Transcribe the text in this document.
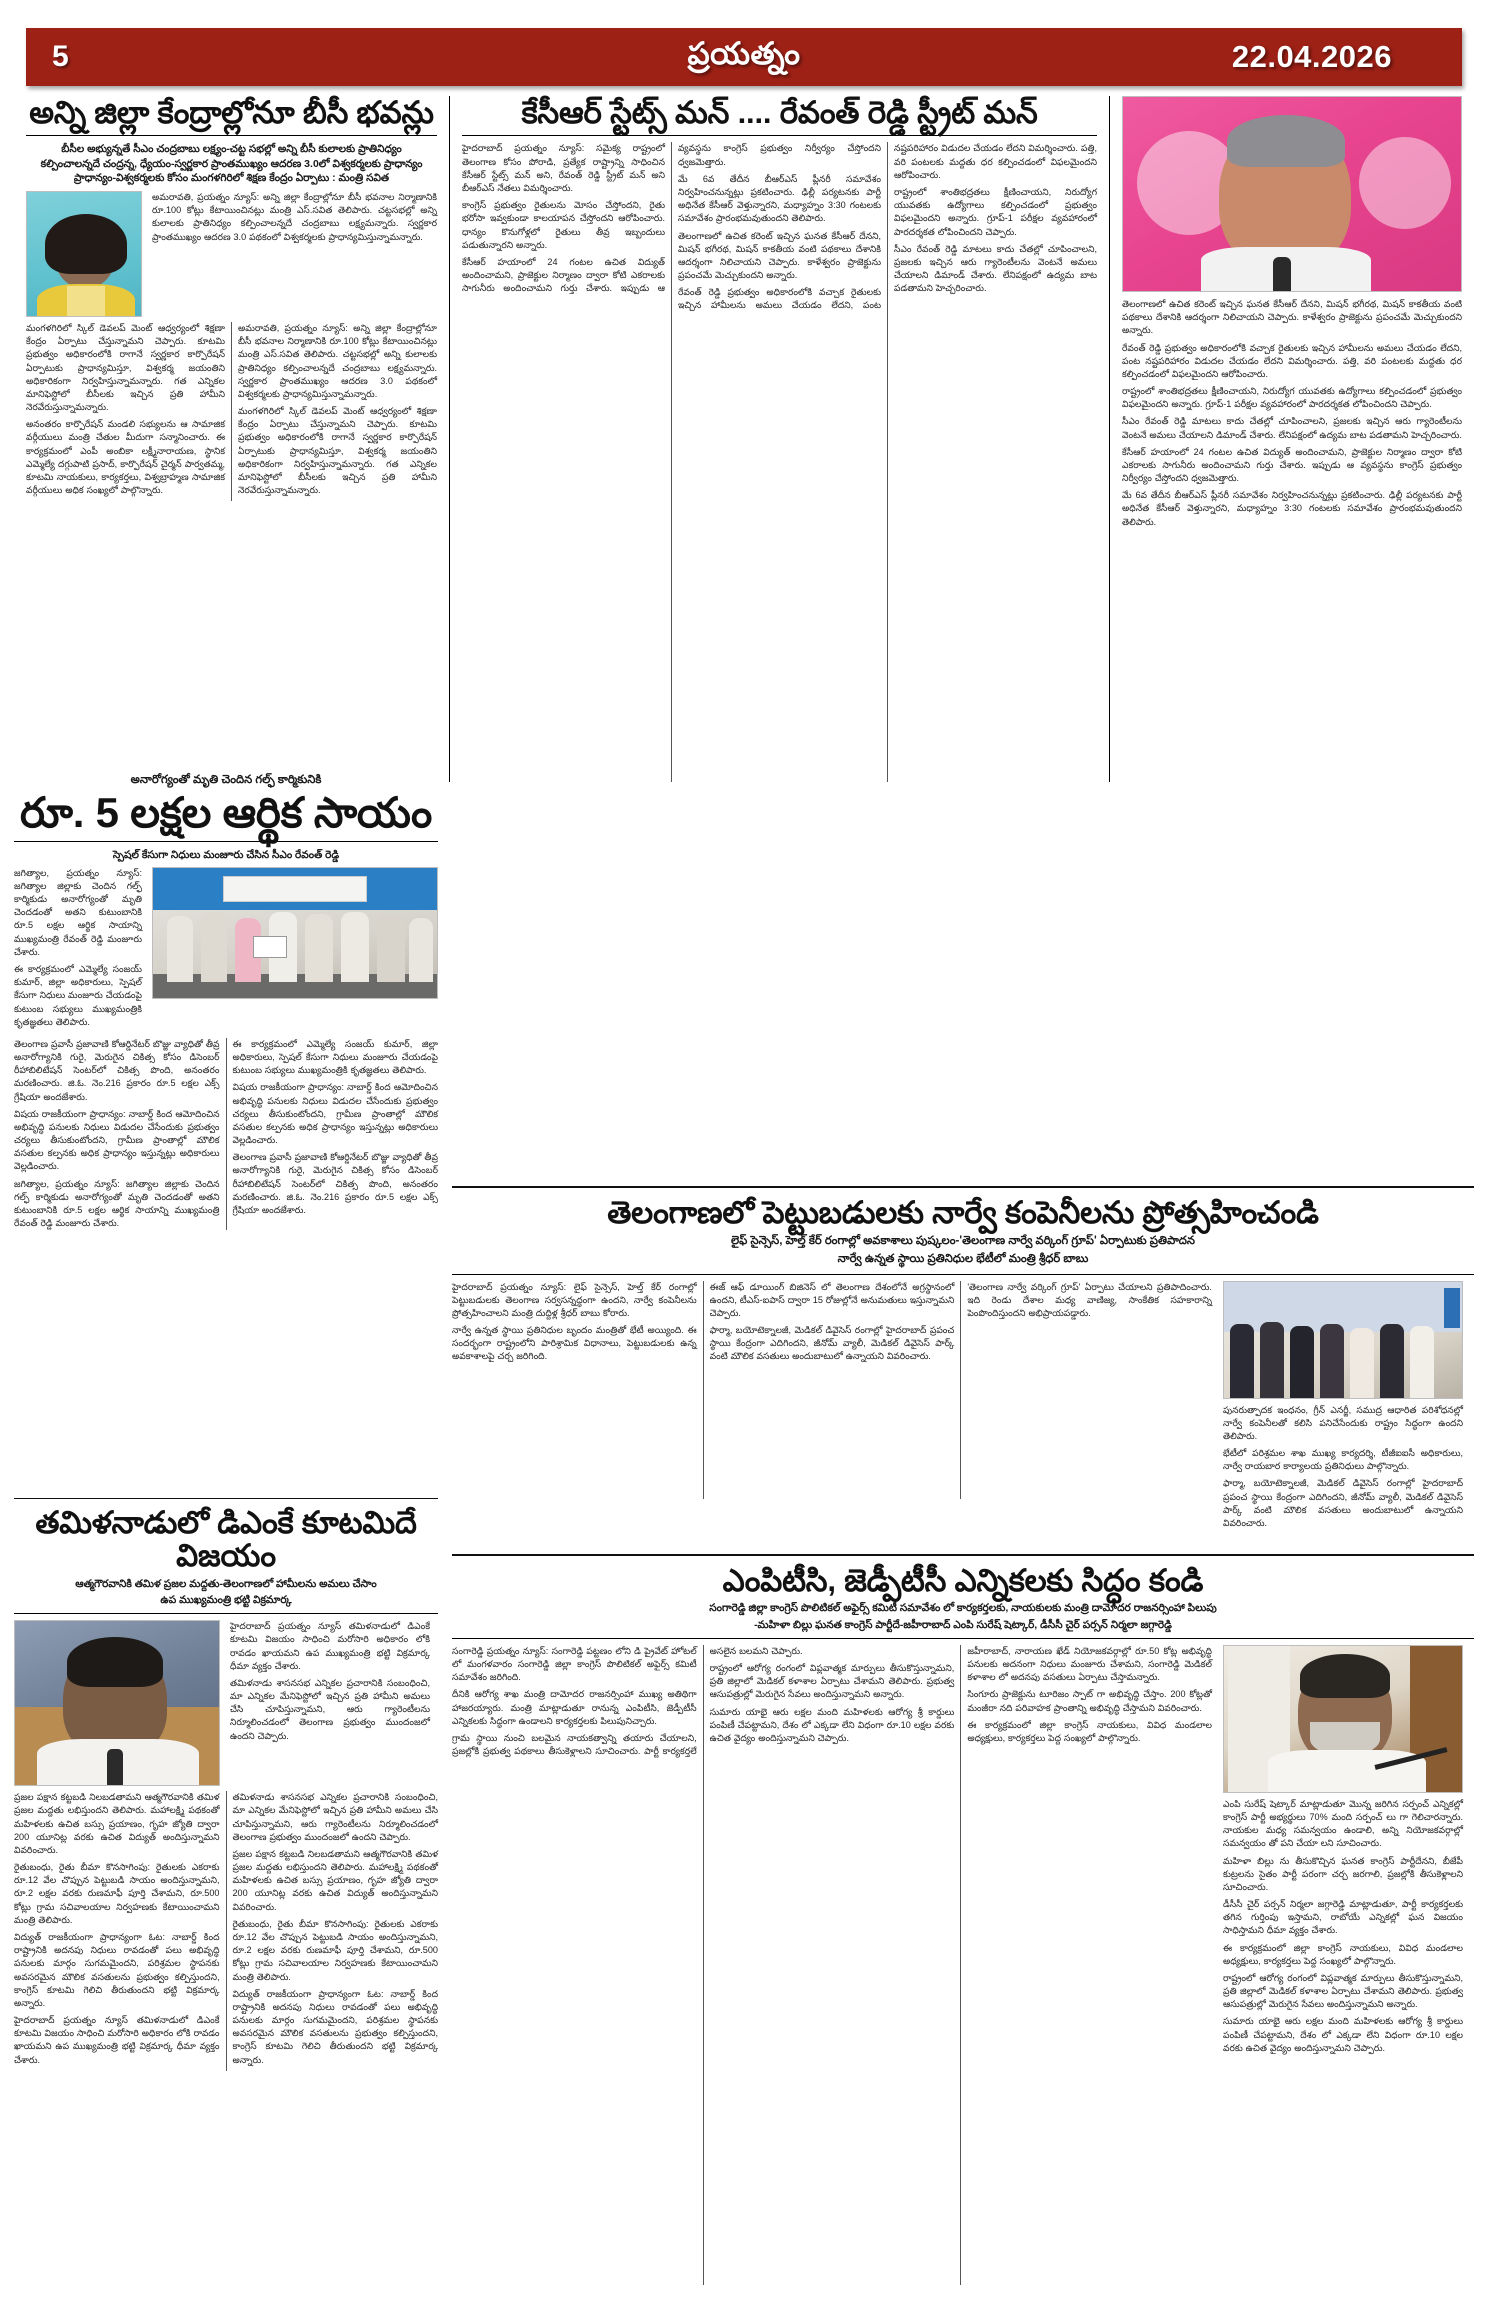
5	ప్రయత్నం	22.04.2026
అన్ని జిల్లా కేంద్రాల్లోనూ బీసీ భవన్లు
బీసీల అభ్యున్నతే సీఎం చంద్రబాబు లక్ష్యం-చట్ట సభల్లో అన్ని బీసీ కులాలకు ప్రాతినిధ్యం
కల్పించాలన్నదే చంద్రన్న, ధ్యేయం-స్వర్ణకార ప్రాంతముఖ్యం ఆదరణ 3.0లో విశ్వకర్మలకు ప్రాధాన్యం
ప్రాధాన్యం-విశ్వకర్మలకు కోసం మంగళగిరిలో శిక్షణ కేంద్రం ఏర్పాటు : మంత్రి సవిత

అమరావతి, ప్రయత్నం న్యూస్: అన్ని జిల్లా కేంద్రాల్లోనూ బీసీ భవనాల నిర్మాణానికి రూ.100 కోట్లు కేటాయించినట్లు మంత్రి ఎస్.సవిత తెలిపారు. చట్టసభల్లో అన్ని కులాలకు ప్రాతినిధ్యం కల్పించాలన్నదే చంద్రబాబు లక్ష్యమన్నారు. స్వర్ణకార ప్రాంతముఖ్యం ఆదరణ 3.0 పథకంలో విశ్వకర్మలకు ప్రాధాన్యమిస్తున్నామన్నారు.

మంగళగిరిలో స్కిల్ డెవలప్ మెంట్ ఆధ్వర్యంలో శిక్షణా కేంద్రం ఏర్పాటు చేస్తున్నామని చెప్పారు. కూటమి ప్రభుత్వం అధికారంలోకి రాగానే స్వర్ణకార కార్పొరేషన్ ఏర్పాటుకు ప్రాధాన్యమిస్తూ, విశ్వకర్మ జయంతిని అధికారికంగా నిర్వహిస్తున్నామన్నారు. గత ఎన్నికల మానిఫెస్టోలో బీసీలకు ఇచ్చిన ప్రతి హామీని నెరవేరుస్తున్నామన్నారు.

అనంతరం కార్పొరేషన్ మండలి సభ్యులను ఆ సామాజిక వర్గీయులు మంత్రి చేతుల మీదుగా సన్మానించారు. ఈ కార్యక్రమంలో ఎంపీ అంబికా లక్ష్మీనారాయణ, స్థానిక ఎమ్మెల్యే దగ్గుపాటి ప్రసాద్, కార్పొరేషన్ చైర్మన్ పార్వతమ్మ, కూటమి నాయకులు, కార్యకర్తలు, విశ్వబ్రాహ్మణ సామాజిక వర్గీయులు అధిక సంఖ్యలో పాల్గొన్నారు.

అమరావతి, ప్రయత్నం న్యూస్: అన్ని జిల్లా కేంద్రాల్లోనూ బీసీ భవనాల నిర్మాణానికి రూ.100 కోట్లు కేటాయించినట్లు మంత్రి ఎస్.సవిత తెలిపారు. చట్టసభల్లో అన్ని కులాలకు ప్రాతినిధ్యం కల్పించాలన్నదే చంద్రబాబు లక్ష్యమన్నారు. స్వర్ణకార ప్రాంతముఖ్యం ఆదరణ 3.0 పథకంలో విశ్వకర్మలకు ప్రాధాన్యమిస్తున్నామన్నారు.

మంగళగిరిలో స్కిల్ డెవలప్ మెంట్ ఆధ్వర్యంలో శిక్షణా కేంద్రం ఏర్పాటు చేస్తున్నామని చెప్పారు. కూటమి ప్రభుత్వం అధికారంలోకి రాగానే స్వర్ణకార కార్పొరేషన్ ఏర్పాటుకు ప్రాధాన్యమిస్తూ, విశ్వకర్మ జయంతిని అధికారికంగా నిర్వహిస్తున్నామన్నారు. గత ఎన్నికల మానిఫెస్టోలో బీసీలకు ఇచ్చిన ప్రతి హామీని నెరవేరుస్తున్నామన్నారు.

కేసీఆర్ స్టేట్స్ మన్ .... రేవంత్ రెడ్డి స్ట్రీట్ మన్

హైదరాబాద్ ప్రయత్నం న్యూస్: సమైక్య రాష్ట్రంలో తెలంగాణ కోసం పోరాడి, ప్రత్యేక రాష్ట్రాన్ని సాధించిన కేసీఆర్ స్టేట్స్ మన్ అని, రేవంత్ రెడ్డి స్ట్రీట్ మన్ అని బీఆర్ఎస్ నేతలు విమర్శించారు.

కాంగ్రెస్ ప్రభుత్వం రైతులను మోసం చేస్తోందని, రైతు భరోసా ఇవ్వకుండా కాలయాపన చేస్తోందని ఆరోపించారు. ధాన్యం కొనుగోళ్లలో రైతులు తీవ్ర ఇబ్బందులు పడుతున్నారని అన్నారు.

కేసీఆర్ హయాంలో 24 గంటల ఉచిత విద్యుత్ అందించామని, ప్రాజెక్టుల నిర్మాణం ద్వారా కోటి ఎకరాలకు సాగునీరు అందించామని గుర్తు చేశారు. ఇప్పుడు ఆ వ్యవస్థను కాంగ్రెస్ ప్రభుత్వం నిర్వీర్యం చేస్తోందని ధ్వజమెత్తారు.

మే 6వ తేదీన బీఆర్ఎస్ ప్లీనరీ సమావేశం నిర్వహించనున్నట్లు ప్రకటించారు. ఢిల్లీ పర్యటనకు పార్టీ అధినేత కేసీఆర్ వెళ్తున్నారని, మధ్యాహ్నం 3:30 గంటలకు సమావేశం ప్రారంభమవుతుందని తెలిపారు.

తెలంగాణలో ఉచిత కరెంట్ ఇచ్చిన ఘనత కేసీఆర్ దేనని, మిషన్ భగీరథ, మిషన్ కాకతీయ వంటి పథకాలు దేశానికి ఆదర్శంగా నిలిచాయని చెప్పారు. కాళేశ్వరం ప్రాజెక్టును ప్రపంచమే మెచ్చుకుందని అన్నారు.

రేవంత్ రెడ్డి ప్రభుత్వం అధికారంలోకి వచ్చాక రైతులకు ఇచ్చిన హామీలను అమలు చేయడం లేదని, పంట నష్టపరిహారం విడుదల చేయడం లేదని విమర్శించారు. పత్తి, వరి పంటలకు మద్దతు ధర కల్పించడంలో విఫలమైందని ఆరోపించారు.

రాష్ట్రంలో శాంతిభద్రతలు క్షీణించాయని, నిరుద్యోగ యువతకు ఉద్యోగాలు కల్పించడంలో ప్రభుత్వం విఫలమైందని అన్నారు. గ్రూప్-1 పరీక్షల వ్యవహారంలో పారదర్శకత లోపించిందని చెప్పారు.

సీఎం రేవంత్ రెడ్డి మాటలు కాదు చేతల్లో చూపించాలని, ప్రజలకు ఇచ్చిన ఆరు గ్యారెంటీలను వెంటనే అమలు చేయాలని డిమాండ్ చేశారు. లేనిపక్షంలో ఉద్యమ బాట పడతామని హెచ్చరించారు.

తెలంగాణలో ఉచిత కరెంట్ ఇచ్చిన ఘనత కేసీఆర్ దేనని, మిషన్ భగీరథ, మిషన్ కాకతీయ వంటి పథకాలు దేశానికి ఆదర్శంగా నిలిచాయని చెప్పారు. కాళేశ్వరం ప్రాజెక్టును ప్రపంచమే మెచ్చుకుందని అన్నారు.

రేవంత్ రెడ్డి ప్రభుత్వం అధికారంలోకి వచ్చాక రైతులకు ఇచ్చిన హామీలను అమలు చేయడం లేదని, పంట నష్టపరిహారం విడుదల చేయడం లేదని విమర్శించారు. పత్తి, వరి పంటలకు మద్దతు ధర కల్పించడంలో విఫలమైందని ఆరోపించారు.

రాష్ట్రంలో శాంతిభద్రతలు క్షీణించాయని, నిరుద్యోగ యువతకు ఉద్యోగాలు కల్పించడంలో ప్రభుత్వం విఫలమైందని అన్నారు. గ్రూప్-1 పరీక్షల వ్యవహారంలో పారదర్శకత లోపించిందని చెప్పారు.

సీఎం రేవంత్ రెడ్డి మాటలు కాదు చేతల్లో చూపించాలని, ప్రజలకు ఇచ్చిన ఆరు గ్యారెంటీలను వెంటనే అమలు చేయాలని డిమాండ్ చేశారు. లేనిపక్షంలో ఉద్యమ బాట పడతామని హెచ్చరించారు.

కేసీఆర్ హయాంలో 24 గంటల ఉచిత విద్యుత్ అందించామని, ప్రాజెక్టుల నిర్మాణం ద్వారా కోటి ఎకరాలకు సాగునీరు అందించామని గుర్తు చేశారు. ఇప్పుడు ఆ వ్యవస్థను కాంగ్రెస్ ప్రభుత్వం నిర్వీర్యం చేస్తోందని ధ్వజమెత్తారు.

మే 6వ తేదీన బీఆర్ఎస్ ప్లీనరీ సమావేశం నిర్వహించనున్నట్లు ప్రకటించారు. ఢిల్లీ పర్యటనకు పార్టీ అధినేత కేసీఆర్ వెళ్తున్నారని, మధ్యాహ్నం 3:30 గంటలకు సమావేశం ప్రారంభమవుతుందని తెలిపారు.

అనారోగ్యంతో మృతి చెందిన గల్ఫ్ కార్మికునికి
రూ. 5 లక్షల ఆర్థిక సాయం
స్పెషల్ కేసుగా నిధులు మంజూరు చేసిన సీఎం రేవంత్ రెడ్డి

జగిత్యాల, ప్రయత్నం న్యూస్: జగిత్యాల జిల్లాకు చెందిన గల్ఫ్ కార్మికుడు అనారోగ్యంతో మృతి చెందడంతో అతని కుటుంబానికి రూ.5 లక్షల ఆర్థిక సాయాన్ని ముఖ్యమంత్రి రేవంత్ రెడ్డి మంజూరు చేశారు.

ఈ కార్యక్రమంలో ఎమ్మెల్యే సంజయ్ కుమార్, జిల్లా అధికారులు, స్పెషల్ కేసుగా నిధులు మంజూరు చేయడంపై కుటుంబ సభ్యులు ముఖ్యమంత్రికి కృతజ్ఞతలు తెలిపారు.

తెలంగాణ ప్రవాసీ ప్రజావాణి కోఆర్డినేటర్ బొజ్జు వ్యాధితో తీవ్ర అనారోగ్యానికి గురై, మెరుగైన చికిత్స కోసం డిసెంబర్ రీహాబిలిటేషన్ సెంటర్‌లో చికిత్స పొంది, అనంతరం మరణించారు. జి.ఓ. నెం.216 ప్రకారం రూ.5 లక్షల ఎక్స్ గ్రేషియా అందజేశారు.

విషయ రాజకీయంగా ప్రాధాన్యం: నాబార్డ్ కింద ఆమోదించిన అభివృద్ధి పనులకు నిధులు విడుదల చేసేందుకు ప్రభుత్వం చర్యలు తీసుకుంటోందని, గ్రామీణ ప్రాంతాల్లో మౌలిక వసతుల కల్పనకు అధిక ప్రాధాన్యం ఇస్తున్నట్లు అధికారులు వెల్లడించారు.

జగిత్యాల, ప్రయత్నం న్యూస్: జగిత్యాల జిల్లాకు చెందిన గల్ఫ్ కార్మికుడు అనారోగ్యంతో మృతి చెందడంతో అతని కుటుంబానికి రూ.5 లక్షల ఆర్థిక సాయాన్ని ముఖ్యమంత్రి రేవంత్ రెడ్డి మంజూరు చేశారు.

ఈ కార్యక్రమంలో ఎమ్మెల్యే సంజయ్ కుమార్, జిల్లా అధికారులు, స్పెషల్ కేసుగా నిధులు మంజూరు చేయడంపై కుటుంబ సభ్యులు ముఖ్యమంత్రికి కృతజ్ఞతలు తెలిపారు.

విషయ రాజకీయంగా ప్రాధాన్యం: నాబార్డ్ కింద ఆమోదించిన అభివృద్ధి పనులకు నిధులు విడుదల చేసేందుకు ప్రభుత్వం చర్యలు తీసుకుంటోందని, గ్రామీణ ప్రాంతాల్లో మౌలిక వసతుల కల్పనకు అధిక ప్రాధాన్యం ఇస్తున్నట్లు అధికారులు వెల్లడించారు.

తెలంగాణ ప్రవాసీ ప్రజావాణి కోఆర్డినేటర్ బొజ్జు వ్యాధితో తీవ్ర అనారోగ్యానికి గురై, మెరుగైన చికిత్స కోసం డిసెంబర్ రీహాబిలిటేషన్ సెంటర్‌లో చికిత్స పొంది, అనంతరం మరణించారు. జి.ఓ. నెం.216 ప్రకారం రూ.5 లక్షల ఎక్స్ గ్రేషియా అందజేశారు.	తెలంగాణలో పెట్టుబడులకు నార్వే కంపెనీలను ప్రోత్సహించండి
లైఫ్ సైన్సెస్, హెల్త్ కేర్ రంగాల్లో అవకాశాలు పుష్కలం-'తెలంగాణ నార్వే వర్కింగ్ గ్రూప్' ఏర్పాటుకు ప్రతిపాదన
నార్వే ఉన్నత స్థాయి ప్రతినిధుల భేటీలో మంత్రి శ్రీధర్ బాబు

హైదరాబాద్ ప్రయత్నం న్యూస్: లైఫ్ సైన్సెస్, హెల్త్ కేర్ రంగాల్లో పెట్టుబడులకు తెలంగాణ సర్వసన్నద్ధంగా ఉందని, నార్వే కంపెనీలను ప్రోత్సహించాలని మంత్రి దుద్దిళ్ల శ్రీధర్ బాబు కోరారు.

నార్వే ఉన్నత స్థాయి ప్రతినిధుల బృందం మంత్రితో భేటీ అయ్యింది. ఈ సందర్భంగా రాష్ట్రంలోని పారిశ్రామిక విధానాలు, పెట్టుబడులకు ఉన్న అవకాశాలపై చర్చ జరిగింది.

ఈజ్ ఆఫ్ డూయింగ్ బిజినెస్ లో తెలంగాణ దేశంలోనే అగ్రస్థానంలో ఉందని, టీఎస్-ఐపాస్ ద్వారా 15 రోజుల్లోనే అనుమతులు ఇస్తున్నామని చెప్పారు.

ఫార్మా, బయోటెక్నాలజీ, మెడికల్ డివైసెస్ రంగాల్లో హైదరాబాద్ ప్రపంచ స్థాయి కేంద్రంగా ఎదిగిందని, జీనోమ్ వ్యాలీ, మెడికల్ డివైసెస్ పార్క్ వంటి మౌలిక వసతులు అందుబాటులో ఉన్నాయని వివరించారు.

'తెలంగాణ నార్వే వర్కింగ్ గ్రూప్' ఏర్పాటు చేయాలని ప్రతిపాదించారు. ఇది రెండు దేశాల మధ్య వాణిజ్య, సాంకేతిక సహకారాన్ని పెంపొందిస్తుందని అభిప్రాయపడ్డారు.

పునరుత్పాదక ఇంధనం, గ్రీన్ ఎనర్జీ, సముద్ర ఆధారిత పరిశోధనల్లో నార్వే కంపెనీలతో కలిసి పనిచేసేందుకు రాష్ట్రం సిద్ధంగా ఉందని తెలిపారు.

భేటీలో పరిశ్రమల శాఖ ముఖ్య కార్యదర్శి, టీజీఐఐసీ అధికారులు, నార్వే రాయబార కార్యాలయ ప్రతినిధులు పాల్గొన్నారు.

ఫార్మా, బయోటెక్నాలజీ, మెడికల్ డివైసెస్ రంగాల్లో హైదరాబాద్ ప్రపంచ స్థాయి కేంద్రంగా ఎదిగిందని, జీనోమ్ వ్యాలీ, మెడికల్ డివైసెస్ పార్క్ వంటి మౌలిక వసతులు అందుబాటులో ఉన్నాయని వివరించారు.

తమిళనాడులో డిఎంకే కూటమిదే విజయం
ఆత్మగౌరవానికి తమిళ ప్రజల మద్దతు-తెలంగాణలో హామీలను అమలు చేసాం
ఉప ముఖ్యమంత్రి భట్టి విక్రమార్క

హైదరాబాద్ ప్రయత్నం న్యూస్ తమిళనాడులో డిఎంకే కూటమి విజయం సాధించి మరోసారి అధికారం లోకి రావడం ఖాయమని ఉప ముఖ్యమంత్రి భట్టి విక్రమార్క ధీమా వ్యక్తం చేశారు.

తమిళనాడు శాసనసభ ఎన్నికల ప్రచారానికి సంబంధించి, మా ఎన్నికల మేనిఫెస్టోలో ఇచ్చిన ప్రతి హామీని అమలు చేసి చూపిస్తున్నామని, ఆరు గ్యారెంటీలను నిర్మూలించడంలో తెలంగాణ ప్రభుత్వం ముందంజలో ఉందని చెప్పారు.

ప్రజల పక్షాన కట్టబడి నిలబడతామని ఆత్మగౌరవానికి తమిళ ప్రజల మద్దతు లభిస్తుందని తెలిపారు. మహాలక్ష్మి పథకంతో మహిళలకు ఉచిత బస్సు ప్రయాణం, గృహ జ్యోతి ద్వారా 200 యూనిట్ల వరకు ఉచిత విద్యుత్ అందిస్తున్నామని వివరించారు.

రైతుబంధు, రైతు బీమా కొనసాగింపు: రైతులకు ఎకరాకు రూ.12 వేల చొప్పున పెట్టుబడి సాయం అందిస్తున్నామని, రూ.2 లక్షల వరకు రుణమాఫీ పూర్తి చేశామని, రూ.500 కోట్లు గ్రామ సచివాలయాల నిర్వహణకు కేటాయించామని మంత్రి తెలిపారు.

విద్యుత్ రాజకీయంగా ప్రాధాన్యంగా ఓట: నాబార్డ్ కింద రాష్ట్రానికి అదనపు నిధులు రావడంతో పలు అభివృద్ధి పనులకు మార్గం సుగమమైందని, పరిశ్రమల స్థాపనకు అవసరమైన మౌలిక వసతులను ప్రభుత్వం కల్పిస్తుందని, కాంగ్రెస్ కూటమి గెలిచి తీరుతుందని భట్టి విక్రమార్క అన్నారు.

హైదరాబాద్ ప్రయత్నం న్యూస్ తమిళనాడులో డిఎంకే కూటమి విజయం సాధించి మరోసారి అధికారం లోకి రావడం ఖాయమని ఉప ముఖ్యమంత్రి భట్టి విక్రమార్క ధీమా వ్యక్తం చేశారు.

తమిళనాడు శాసనసభ ఎన్నికల ప్రచారానికి సంబంధించి, మా ఎన్నికల మేనిఫెస్టోలో ఇచ్చిన ప్రతి హామీని అమలు చేసి చూపిస్తున్నామని, ఆరు గ్యారెంటీలను నిర్మూలించడంలో తెలంగాణ ప్రభుత్వం ముందంజలో ఉందని చెప్పారు.

ప్రజల పక్షాన కట్టబడి నిలబడతామని ఆత్మగౌరవానికి తమిళ ప్రజల మద్దతు లభిస్తుందని తెలిపారు. మహాలక్ష్మి పథకంతో మహిళలకు ఉచిత బస్సు ప్రయాణం, గృహ జ్యోతి ద్వారా 200 యూనిట్ల వరకు ఉచిత విద్యుత్ అందిస్తున్నామని వివరించారు.

రైతుబంధు, రైతు బీమా కొనసాగింపు: రైతులకు ఎకరాకు రూ.12 వేల చొప్పున పెట్టుబడి సాయం అందిస్తున్నామని, రూ.2 లక్షల వరకు రుణమాఫీ పూర్తి చేశామని, రూ.500 కోట్లు గ్రామ సచివాలయాల నిర్వహణకు కేటాయించామని మంత్రి తెలిపారు.

విద్యుత్ రాజకీయంగా ప్రాధాన్యంగా ఓట: నాబార్డ్ కింద రాష్ట్రానికి అదనపు నిధులు రావడంతో పలు అభివృద్ధి పనులకు మార్గం సుగమమైందని, పరిశ్రమల స్థాపనకు అవసరమైన మౌలిక వసతులను ప్రభుత్వం కల్పిస్తుందని, కాంగ్రెస్ కూటమి గెలిచి తీరుతుందని భట్టి విక్రమార్క అన్నారు.

ఎంపిటీసి, జెడ్పీటీసీ ఎన్నికలకు సిద్ధం కండి
సంగారెడ్డి జిల్లా కాంగ్రెస్ పొలిటికల్ అఫైర్స్ కమిటీ సమావేశం లో కార్యకర్తలకు, నాయకులకు మంత్రి దామోదర రాజనర్సింహా పిలుపు
-మహిళా బిల్లు ఘనత కాంగ్రెస్ పార్టీదే-జహీరాబాద్ ఎంపి సురేష్ షెట్కార్, డీసీసీ చైర్ పర్సన్ నిర్మలా జగ్గారెడ్డి

సంగారెడ్డి ప్రయత్నం న్యూస్: సంగారెడ్డి పట్టణం లోని డి ప్రైవేట్ హోటల్ లో మంగళవారం సంగారెడ్డి జిల్లా కాంగ్రెస్ పొలిటికల్ అఫైర్స్ కమిటీ సమావేశం జరిగింది.

దీనికి ఆరోగ్య శాఖ మంత్రి దామోదర రాజనర్సింహా ముఖ్య అతిథిగా హాజరయ్యారు. మంత్రి మాట్లాడుతూ రానున్న ఎంపిటీసి, జెడ్పీటీసీ ఎన్నికలకు సిద్ధంగా ఉండాలని కార్యకర్తలకు పిలుపునిచ్చారు.

గ్రామ స్థాయి నుంచి బలమైన నాయకత్వాన్ని తయారు చేయాలని, ప్రజల్లోకి ప్రభుత్వ పథకాలు తీసుకెళ్లాలని సూచించారు. పార్టీ కార్యకర్తలే అసలైన బలమని చెప్పారు.

రాష్ట్రంలో ఆరోగ్య రంగంలో విప్లవాత్మక మార్పులు తీసుకొస్తున్నామని, ప్రతి జిల్లాలో మెడికల్ కళాశాల ఏర్పాటు చేశామని తెలిపారు. ప్రభుత్వ ఆసుపత్రుల్లో మెరుగైన సేవలు అందిస్తున్నామని అన్నారు.

సుమారు యాభై ఆరు లక్షల మంది మహిళలకు ఆరోగ్య శ్రీ కార్డులు పంపిణీ చేపట్టామని, దేశం లో ఎక్కడా లేని విధంగా రూ.10 లక్షల వరకు ఉచిత వైద్యం అందిస్తున్నామని చెప్పారు.

జహీరాబాద్, నారాయణ ఖేడ్ నియోజకవర్గాల్లో రూ.50 కోట్ల అభివృద్ధి పనులకు అదనంగా నిధులు మంజూరు చేశామని, సంగారెడ్డి మెడికల్ కళాశాల లో అదనపు వసతులు ఏర్పాటు చేస్తామన్నారు.

సింగూరు ప్రాజెక్టును టూరిజం స్పాట్ గా అభివృద్ధి చేస్తాం. 200 కోట్లతో మంజీరా నది పరివాహక ప్రాంతాన్ని అభివృద్ధి చేస్తామని వివరించారు.

ఈ కార్యక్రమంలో జిల్లా కాంగ్రెస్ నాయకులు, వివిధ మండలాల అధ్యక్షులు, కార్యకర్తలు పెద్ద సంఖ్యలో పాల్గొన్నారు.

ఎంపి సురేష్ షెట్కార్ మాట్లాడుతూ మొన్న జరిగిన సర్పంచ్ ఎన్నికల్లో కాంగ్రెస్ పార్టీ అభ్యర్థులు 70% మంది సర్పంచ్ లు గా గెలిచారన్నారు. నాయకుల మధ్య సమన్వయం ఉండాలి, అన్ని నియోజకవర్గాల్లో సమన్వయం తో పని చేయా లని సూచించారు.

మహిళా బిల్లు ను తీసుకొచ్చిన ఘనత కాంగ్రెస్ పార్టీదేనని, బీజేపీ కుట్రలను సైతం పార్టీ పరంగా చర్చ జరగాలి, ప్రజల్లోకి తీసుకెళ్లాలని సూచించారు.

డీసీసీ చైర్ పర్సన్ నిర్మలా జగ్గారెడ్డి మాట్లాడుతూ, పార్టీ కార్యకర్తలకు తగిన గుర్తింపు ఇస్తామని, రాబోయే ఎన్నికల్లో ఘన విజయం సాధిస్తామని ధీమా వ్యక్తం చేశారు.

ఈ కార్యక్రమంలో జిల్లా కాంగ్రెస్ నాయకులు, వివిధ మండలాల అధ్యక్షులు, కార్యకర్తలు పెద్ద సంఖ్యలో పాల్గొన్నారు.

రాష్ట్రంలో ఆరోగ్య రంగంలో విప్లవాత్మక మార్పులు తీసుకొస్తున్నామని, ప్రతి జిల్లాలో మెడికల్ కళాశాల ఏర్పాటు చేశామని తెలిపారు. ప్రభుత్వ ఆసుపత్రుల్లో మెరుగైన సేవలు అందిస్తున్నామని అన్నారు.

సుమారు యాభై ఆరు లక్షల మంది మహిళలకు ఆరోగ్య శ్రీ కార్డులు పంపిణీ చేపట్టామని, దేశం లో ఎక్కడా లేని విధంగా రూ.10 లక్షల వరకు ఉచిత వైద్యం అందిస్తున్నామని చెప్పారు.
